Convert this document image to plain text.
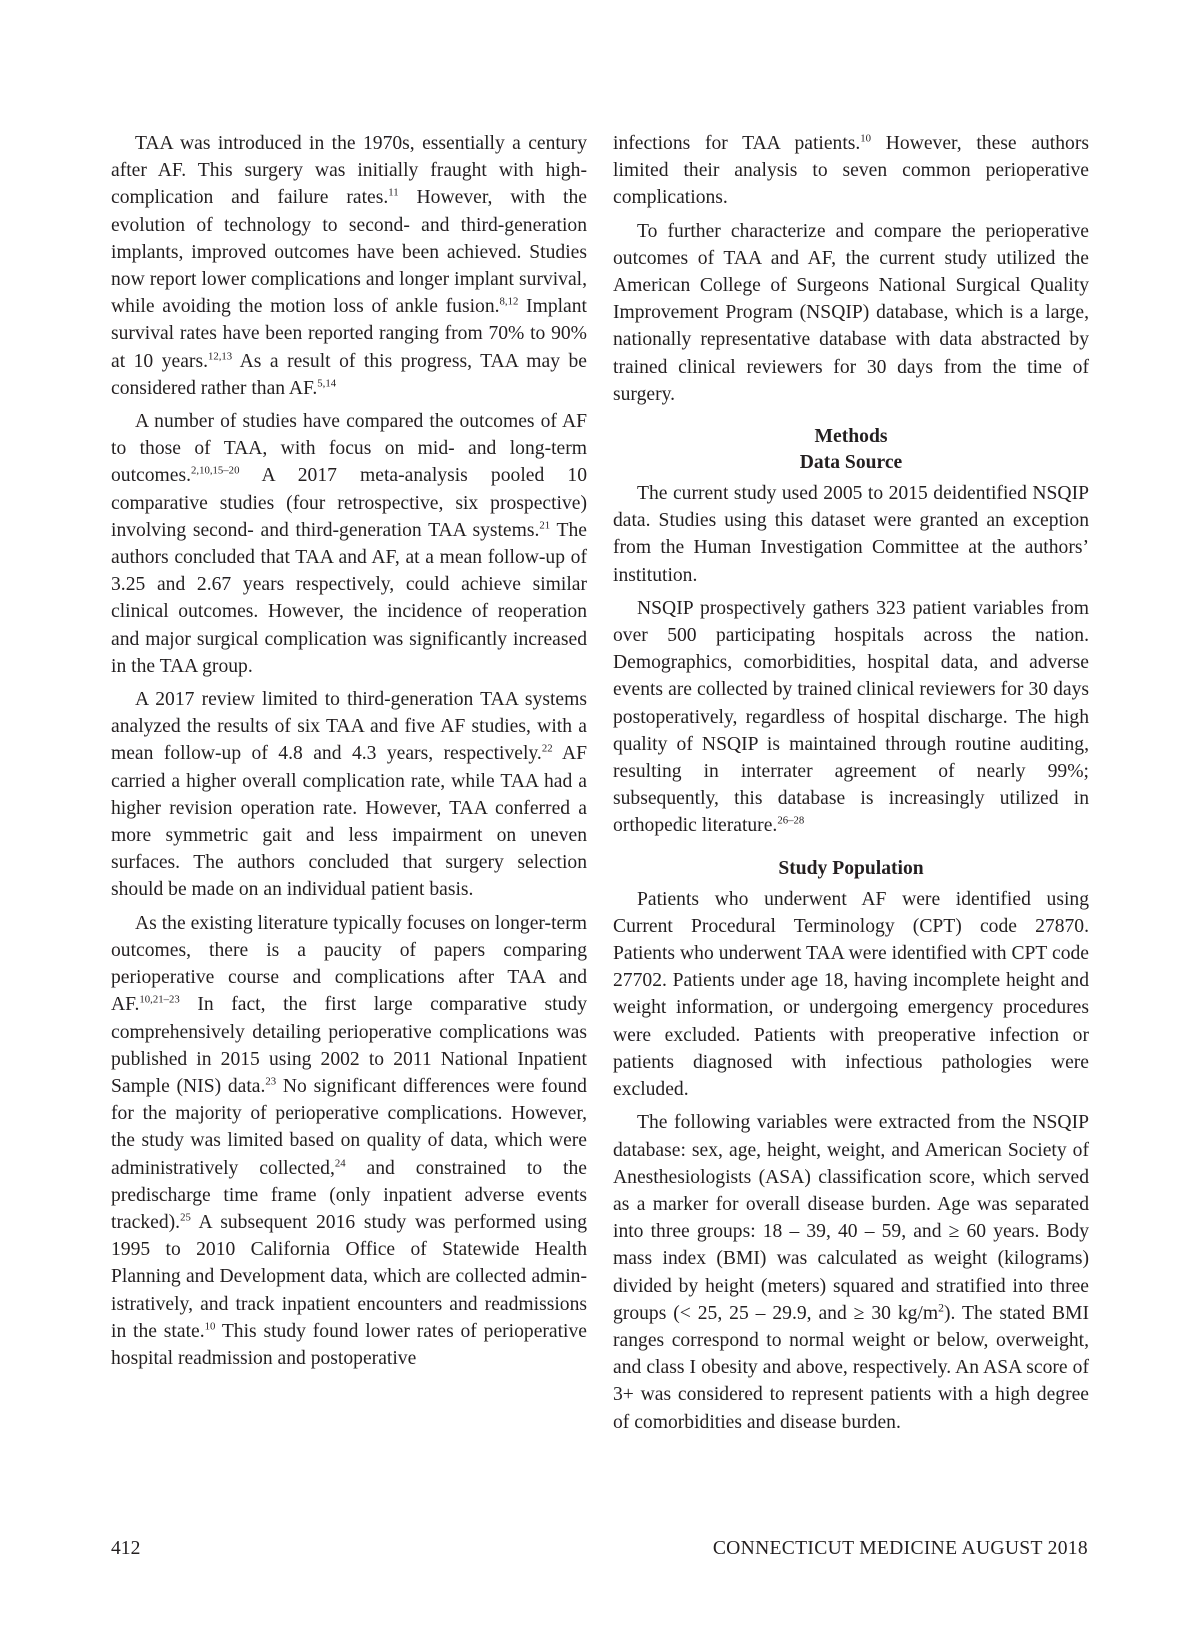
TAA was introduced in the 1970s, essentially a century after AF. This surgery was initially fraught with high-complication and failure rates.$^{11}$ However, with the evolution of technology to second- and third-generation implants, improved outcomes have been achieved. Studies now report lower complications and longer implant survival, while avoiding the motion loss of ankle fusion.$^{8,12}$ Implant survival rates have been reported ranging from 70% to 90% at 10 years.$^{12,13}$ As a result of this progress, TAA may be considered rather than AF.$^{5,14}$

A number of studies have compared the outcomes of AF to those of TAA, with focus on mid- and long-term outcomes.$^{2,10,15-20}$ A 2017 meta-analysis pooled 10 comparative studies (four retrospective, six prospective) involving second- and third-generation TAA systems.$^{21}$ The authors concluded that TAA and AF, at a mean follow-up of 3.25 and 2.67 years respectively, could achieve similar clinical outcomes. However, the incidence of reoperation and major surgical complication was significantly increased in the TAA group.

A 2017 review limited to third-generation TAA systems analyzed the results of six TAA and five AF studies, with a mean follow-up of 4.8 and 4.3 years, respectively.$^{22}$ AF carried a higher overall complication rate, while TAA had a higher revision operation rate. However, TAA conferred a more symmetric gait and less impairment on uneven surfaces. The authors concluded that surgery selection should be made on an individual patient basis.

As the existing literature typically focuses on longer-term outcomes, there is a paucity of papers comparing perioperative course and complications after TAA and AF.$^{10,21-23}$ In fact, the first large comparative study comprehensively detailing perioperative complications was published in 2015 using 2002 to 2011 National Inpatient Sample (NIS) data.$^{23}$ No significant differences were found for the majority of perioperative complications. However, the study was limited based on quality of data, which were administratively collected,$^{24}$ and constrained to the predischarge time frame (only inpatient adverse events tracked).$^{25}$ A subsequent 2016 study was performed using 1995 to 2010 California Office of Statewide Health Planning and Development data, which are collected administratively, and track inpatient encounters and readmissions in the state.$^{10}$ This study found lower rates of perioperative hospital readmission and postoperative

infections for TAA patients.$^{10}$ However, these authors limited their analysis to seven common perioperative complications.

To further characterize and compare the perioperative outcomes of TAA and AF, the current study utilized the American College of Surgeons National Surgical Quality Improvement Program (NSQIP) database, which is a large, nationally representative database with data abstracted by trained clinical reviewers for 30 days from the time of surgery.

Methods
Data Source

The current study used 2005 to 2015 deidentified NSQIP data. Studies using this dataset were granted an exception from the Human Investigation Committee at the authors’ institution.

NSQIP prospectively gathers 323 patient variables from over 500 participating hospitals across the nation. Demographics, comorbidities, hospital data, and adverse events are collected by trained clinical reviewers for 30 days postoperatively, regardless of hospital discharge. The high quality of NSQIP is maintained through routine auditing, resulting in interrater agreement of nearly 99%; subsequently, this database is increasingly utilized in orthopedic literature.$^{26-28}$

Study Population

Patients who underwent AF were identified using Current Procedural Terminology (CPT) code 27870. Patients who underwent TAA were identified with CPT code 27702. Patients under age 18, having incomplete height and weight information, or undergoing emergency procedures were excluded. Patients with preoperative infection or patients diagnosed with infectious pathologies were excluded.

The following variables were extracted from the NSQIP database: sex, age, height, weight, and American Society of Anesthesiologists (ASA) classification score, which served as a marker for overall disease burden. Age was separated into three groups: 18 – 39, 40 – 59, and ≥ 60 years. Body mass index (BMI) was calculated as weight (kilograms) divided by height (meters) squared and stratified into three groups (< 25, 25 – 29.9, and ≥ 30 $kg/m^2$). The stated BMI ranges correspond to normal weight or below, overweight, and class I obesity and above, respectively. An ASA score of 3+ was considered to represent patients with a high degree of comorbidities and disease burden.

412	CONNECTICUT MEDICINE AUGUST 2018
